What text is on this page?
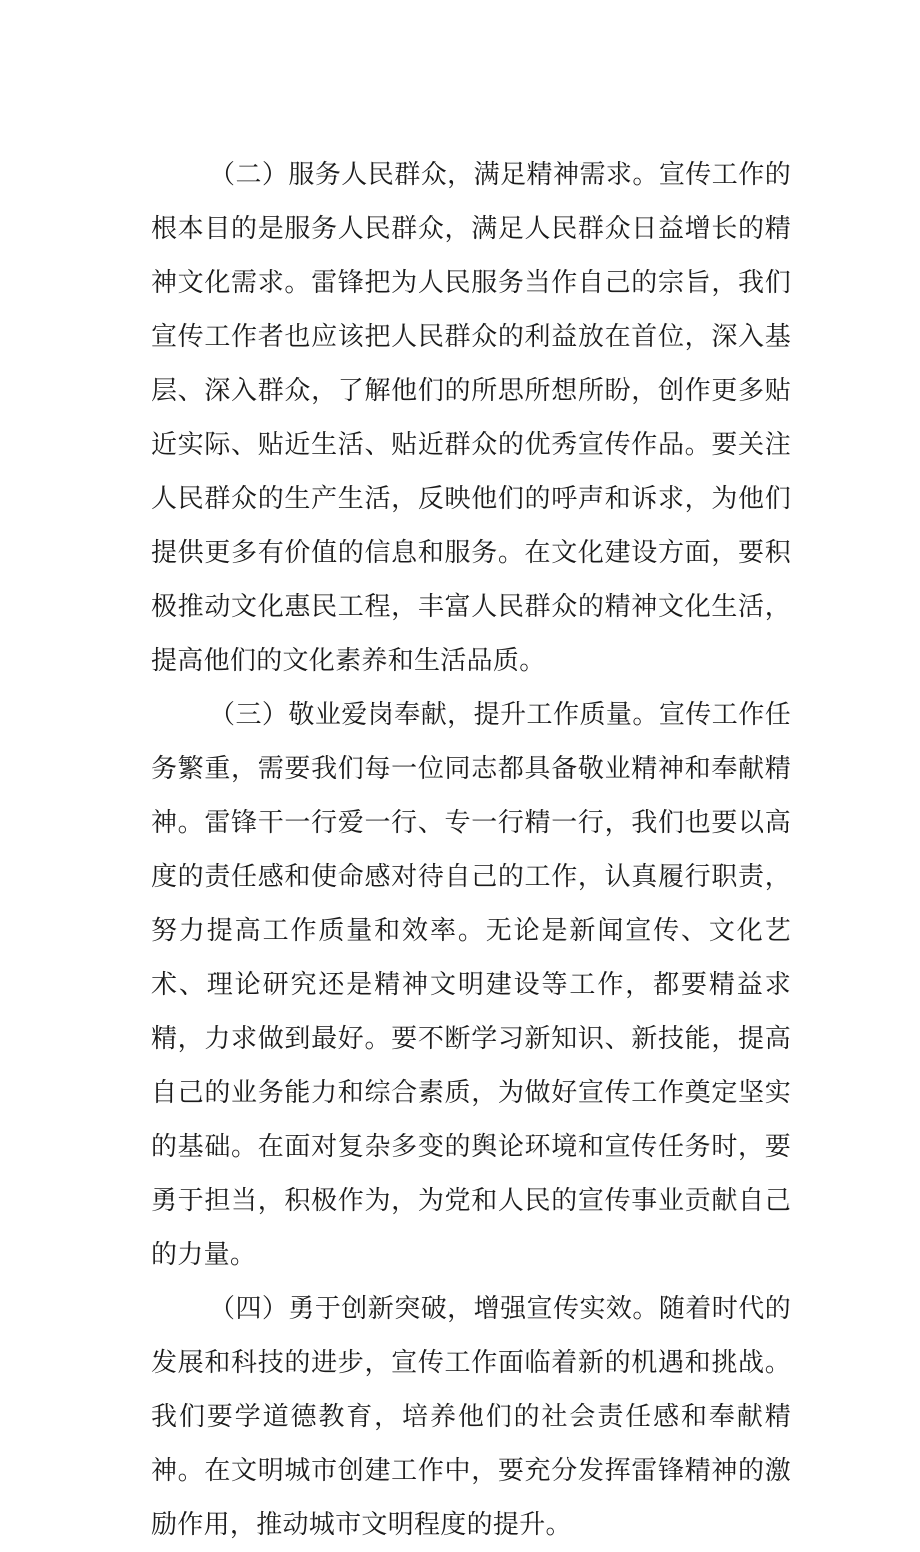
（二）服务人民群众，满足精神需求。宣传工作的根本目的是服务人民群众，满足人民群众日益增长的精神文化需求。雷锋把为人民服务当作自己的宗旨，我们宣传工作者也应该把人民群众的利益放在首位，深入基层、深入群众，了解他们的所思所想所盼，创作更多贴近实际、贴近生活、贴近群众的优秀宣传作品。要关注人民群众的生产生活，反映他们的呼声和诉求，为他们提供更多有价值的信息和服务。在文化建设方面，要积极推动文化惠民工程，丰富人民群众的精神文化生活，提高他们的文化素养和生活品质。

（三）敬业爱岗奉献，提升工作质量。宣传工作任务繁重，需要我们每一位同志都具备敬业精神和奉献精神。雷锋干一行爱一行、专一行精一行，我们也要以高度的责任感和使命感对待自己的工作，认真履行职责，努力提高工作质量和效率。无论是新闻宣传、文化艺术、理论研究还是精神文明建设等工作，都要精益求精，力求做到最好。要不断学习新知识、新技能，提高自己的业务能力和综合素质，为做好宣传工作奠定坚实的基础。在面对复杂多变的舆论环境和宣传任务时，要勇于担当，积极作为，为党和人民的宣传事业贡献自己的力量。

（四）勇于创新突破，增强宣传实效。随着时代的发展和科技的进步，宣传工作面临着新的机遇和挑战。我们要学道德教育，培养他们的社会责任感和奉献精神。在文明城市创建工作中，要充分发挥雷锋精神的激励作用，推动城市文明程度的提升。
